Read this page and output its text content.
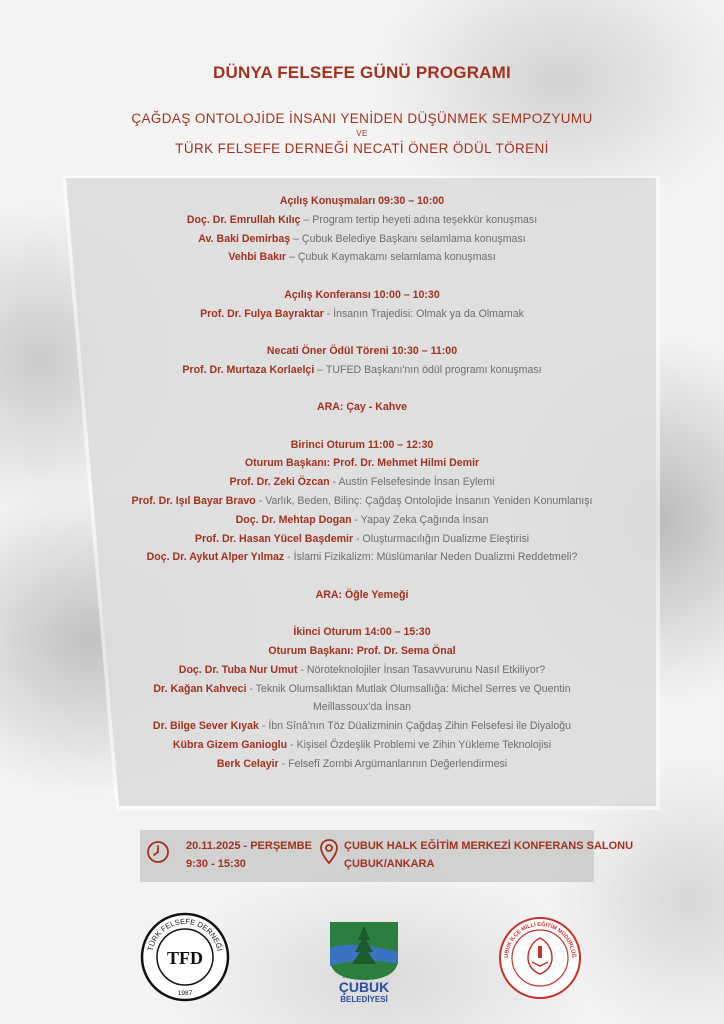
DÜNYA FELSEFE GÜNÜ PROGRAMI
ÇAĞDAŞ ONTOLOJİDE İNSANI YENİDEN DÜŞÜNMEK SEMPOZYUMU
VE
TÜRK FELSEFE DERNEĞİ NECATİ ÖNER ÖDÜL TÖRENİ
Açılış Konuşmaları 09:30 – 10:00
Doç. Dr. Emrullah Kılıç – Program tertip heyeti adına teşekkür konuşması
Av. Baki Demirbaş – Çubuk Belediye Başkanı selamlama konuşması
Vehbi Bakır – Çubuk Kaymakamı selamlama konuşması
Açılış Konferansı 10:00 – 10:30
Prof. Dr. Fulya Bayraktar - İnsanın Trajedisi: Olmak ya da Olmamak
Necati Öner Ödül Töreni 10:30 – 11:00
Prof. Dr. Murtaza Korlaelçi – TUFED Başkanı'nın ödül programı konuşması
ARA: Çay - Kahve
Birinci Oturum 11:00 – 12:30
Oturum Başkanı: Prof. Dr. Mehmet Hilmi Demir
Prof. Dr. Zeki Özcan - Austin Felsefesinde İnsan Eylemi
Prof. Dr. Işıl Bayar Bravo - Varlık, Beden, Bilinç: Çağdaş Ontolojide İnsanın Yeniden Konumlanışı
Doç. Dr. Mehtap Dogan - Yapay Zeka Çağında İnsan
Prof. Dr. Hasan Yücel Başdemir - Oluşturmacılığın Dualizme Eleştirisi
Doç. Dr. Aykut Alper Yılmaz - İslami Fizikalizm: Müslümanlar Neden Dualizmi Reddetmeli?
ARA: Öğle Yemeği
İkinci Oturum 14:00 – 15:30
Oturum Başkanı: Prof. Dr. Sema Önal
Doç. Dr. Tuba Nur Umut - Nöroteknolojiler İnsan Tasavvurunu Nasıl Etkiliyor?
Dr. Kağan Kahveci - Teknik Olumsallıktan Mutlak Olumsallığa: Michel Serres ve Quentin
Meillassoux'da İnsan
Dr. Bilge Sever Kıyak - İbn Sînâ'nın Töz Düalizminin Çağdaş Zihin Felsefesi ile Diyaloğu
Kübra Gizem Ganioglu - Kişisel Özdeşlik Problemi ve Zihin Yükleme Teknolojisi
Berk Celayir - Felsefî Zombi Argümanlarının Değerlendirmesi
20.11.2025 - PERŞEMBE
9:30 - 15:30
ÇUBUK HALK EĞİTİM MERKEZİ KONFERANS SALONU
ÇUBUK/ANKARA
TÜRK FELSEFE DERNEĞİ
TFD
1987
1882
ÇUBUK
BELEDİYESİ
UBUK İLÇE MİLLİ EĞİTİM MÜDÜRLÜĞ
